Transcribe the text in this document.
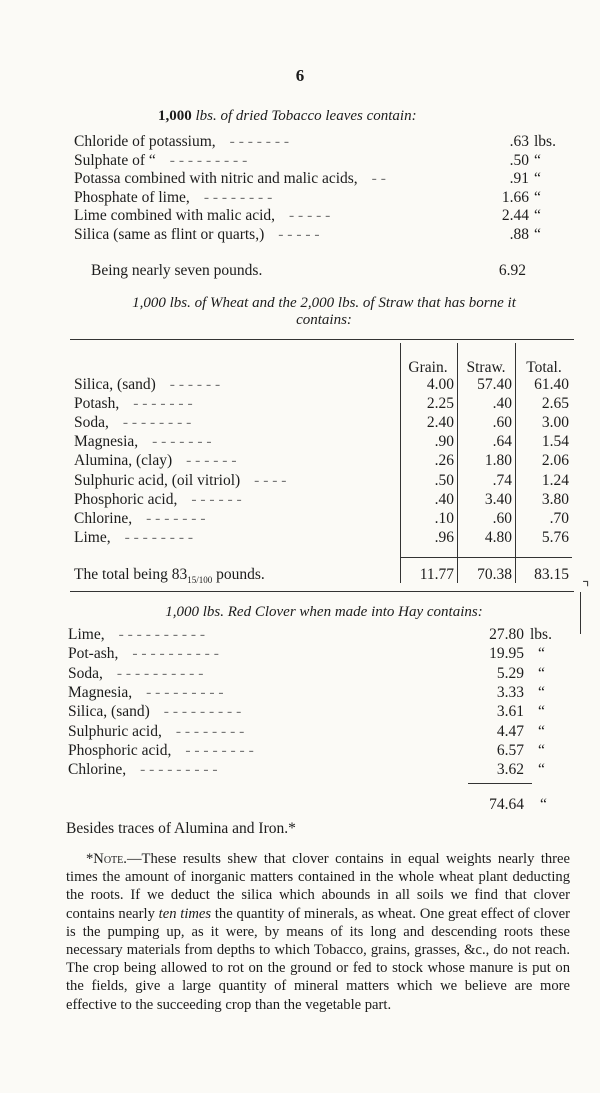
6
1,000 lbs. of dried Tobacco leaves contain:
Chloride of potassium,	.63 lbs.
- - - - - - -
Sulphate of “	.50 “
- - - - - - - - -
Potassa combined with nitric and malic acids,	.91 “
- -
Phosphate of lime,	1.66 “
- - - - - - - -
Lime combined with malic acid,	2.44 “
- - - - -
Silica (same as flint or quarts,)	.88 “
- - - - -
Being nearly seven pounds.	6.92
1,000 lbs. of Wheat and the 2,000 lbs. of Straw that has borne it
contains:
Grain.	Straw.	Total.
Silica, (sand)	4.00	57.40	61.40
- - - - - -
Potash,	2.25	.40	2.65
- - - - - - -
Soda,	2.40	.60	3.00
- - - - - - - -
Magnesia,	.90	.64	1.54
- - - - - - -
Alumina, (clay)	.26	1.80	2.06
- - - - - -
Sulphuric acid, (oil vitriol)	.50	.74	1.24
- - - -
Phosphoric acid,	.40	3.40	3.80
- - - - - -
Chlorine,	.10	.60	.70
- - - - - - -
Lime,	.96	4.80	5.76
- - - - - - - -
The total being $83_{15/100}$ pounds.	11.77	70.38	83.15
1,000 lbs. Red Clover when made into Hay contains:
Lime,	27.80 lbs.
- - - - - - - - - -
Pot-ash,	19.95 “
- - - - - - - - - -
Soda,	5.29 “
- - - - - - - - - -
Magnesia,	3.33 “
- - - - - - - - -
Silica, (sand)	3.61 “
- - - - - - - - -
Sulphuric acid,	4.47 “
- - - - - - - -
Phosphoric acid,	6.57 “
- - - - - - - -
Chlorine,	3.62 “
- - - - - - - - -
74.64 “
Besides traces of Alumina and Iron.*

*Note.—These results shew that clover contains in equal weights nearly three times the amount of inorganic matters contained in the whole wheat plant deducting the roots. If we deduct the silica which abounds in all soils we find that clover contains nearly ten times the quantity of minerals, as wheat. One great effect of clover is the pumping up, as it were, by means of its long and descending roots these necessary materials from depths to which Tobacco, grains, grasses, &c., do not reach. The crop being allowed to rot on the ground or fed to stock whose manure is put on the fields, give a large quantity of mineral matters which we believe are more effective to the succeeding crop than the vegetable part.

⌝
